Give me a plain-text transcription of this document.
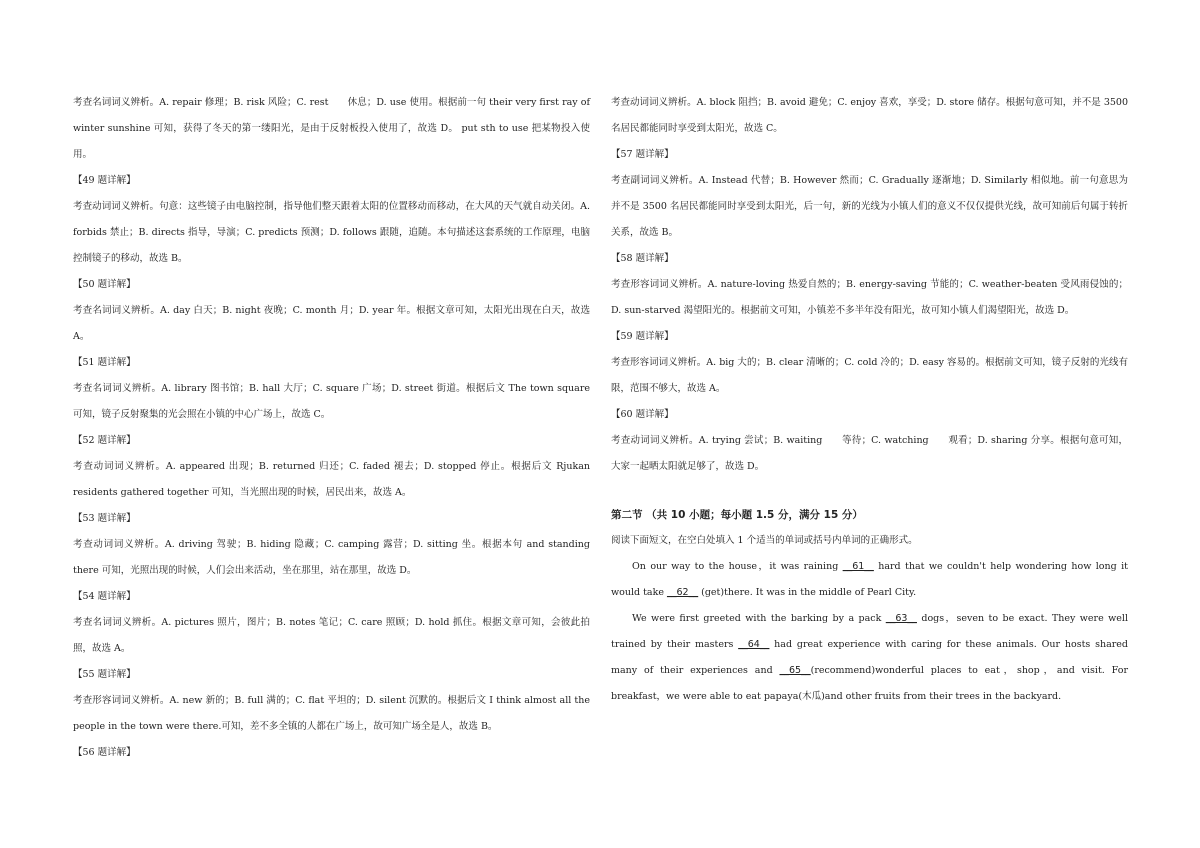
考查名词词义辨析。A. repair 修理；B. risk 风险；C. rest　　休息；D. use 使用。根据前一句 their very first ray of winter sunshine 可知，获得了冬天的第一缕阳光，是由于反射板投入使用了，故选 D。 put sth to use 把某物投入使用。

【49 题详解】

考查动词词义辨析。句意：这些镜子由电脑控制，指导他们整天跟着太阳的位置移动而移动，在大风的天气就自动关闭。A. forbids 禁止；B. directs 指导，导演；C. predicts 预测；D. follows 跟随，追随。本句描述这套系统的工作原理，电脑控制镜子的移动，故选 B。

【50 题详解】

考查名词词义辨析。A. day 白天；B. night 夜晚；C. month 月；D. year 年。根据文章可知，太阳光出现在白天，故选 A。

【51 题详解】

考查名词词义辨析。A. library 图书馆；B. hall 大厅；C. square 广场；D. street 街道。根据后文 The town square 可知，镜子反射聚集的光会照在小镇的中心广场上，故选 C。

【52 题详解】

考查动词词义辨析。A. appeared 出现；B. returned 归还；C. faded 褪去；D. stopped 停止。根据后文 Rjukan residents gathered together 可知，当光照出现的时候，居民出来，故选 A。

【53 题详解】

考查动词词义辨析。A. driving 驾驶；B. hiding 隐藏；C. camping 露营；D. sitting 坐。根据本句 and standing there 可知，光照出现的时候，人们会出来活动，坐在那里，站在那里，故选 D。

【54 题详解】

考查名词词义辨析。A. pictures 照片，图片；B. notes 笔记；C. care 照顾；D. hold 抓住。根据文章可知，会彼此拍照，故选 A。

【55 题详解】

考查形容词词义辨析。A. new 新的；B. full 满的；C. flat 平坦的；D. silent 沉默的。根据后文 I think almost all the people in the town were there.可知，差不多全镇的人都在广场上，故可知广场全是人，故选 B。

【56 题详解】

考查动词词义辨析。A. block 阻挡；B. avoid 避免；C. enjoy 喜欢，享受；D. store 储存。根据句意可知，并不是 3500 名居民都能同时享受到太阳光，故选 C。

【57 题详解】

考查副词词义辨析。A. Instead 代替；B. However 然而；C. Gradually 逐渐地；D. Similarly 相似地。前一句意思为并不是 3500 名居民都能同时享受到太阳光，后一句，新的光线为小镇人们的意义不仅仅提供光线，故可知前后句属于转折关系，故选 B。

【58 题详解】

考查形容词词义辨析。A. nature-loving 热爱自然的；B. energy-saving 节能的；C. weather-beaten 受风雨侵蚀的；D. sun-starved 渴望阳光的。根据前文可知，小镇差不多半年没有阳光，故可知小镇人们渴望阳光，故选 D。

【59 题详解】

考查形容词词义辨析。A. big 大的；B. clear 清晰的；C. cold 冷的；D. easy 容易的。根据前文可知，镜子反射的光线有限，范围不够大，故选 A。

【60 题详解】

考查动词词义辨析。A. trying 尝试；B. waiting　　等待；C. watching　　观看；D. sharing 分享。根据句意可知，大家一起晒太阳就足够了，故选 D。

第二节 （共 10 小题；每小题 1.5 分，满分 15 分）

阅读下面短文，在空白处填入 1 个适当的单词或括号内单词的正确形式。

On our way to the house，it was raining __61__ hard that we couldn't help wondering how long it would take __62__ (get)there. It was in the middle of Pearl City.

We were first greeted with the barking by a pack __63__ dogs，seven to be exact. They were well trained by their masters __64__ had great experience with caring for these animals. Our hosts shared many of their experiences and __65__(recommend)wonderful places to eat，shop，and visit. For breakfast，we were able to eat papaya(木瓜)and other fruits from their trees in the backyard.
